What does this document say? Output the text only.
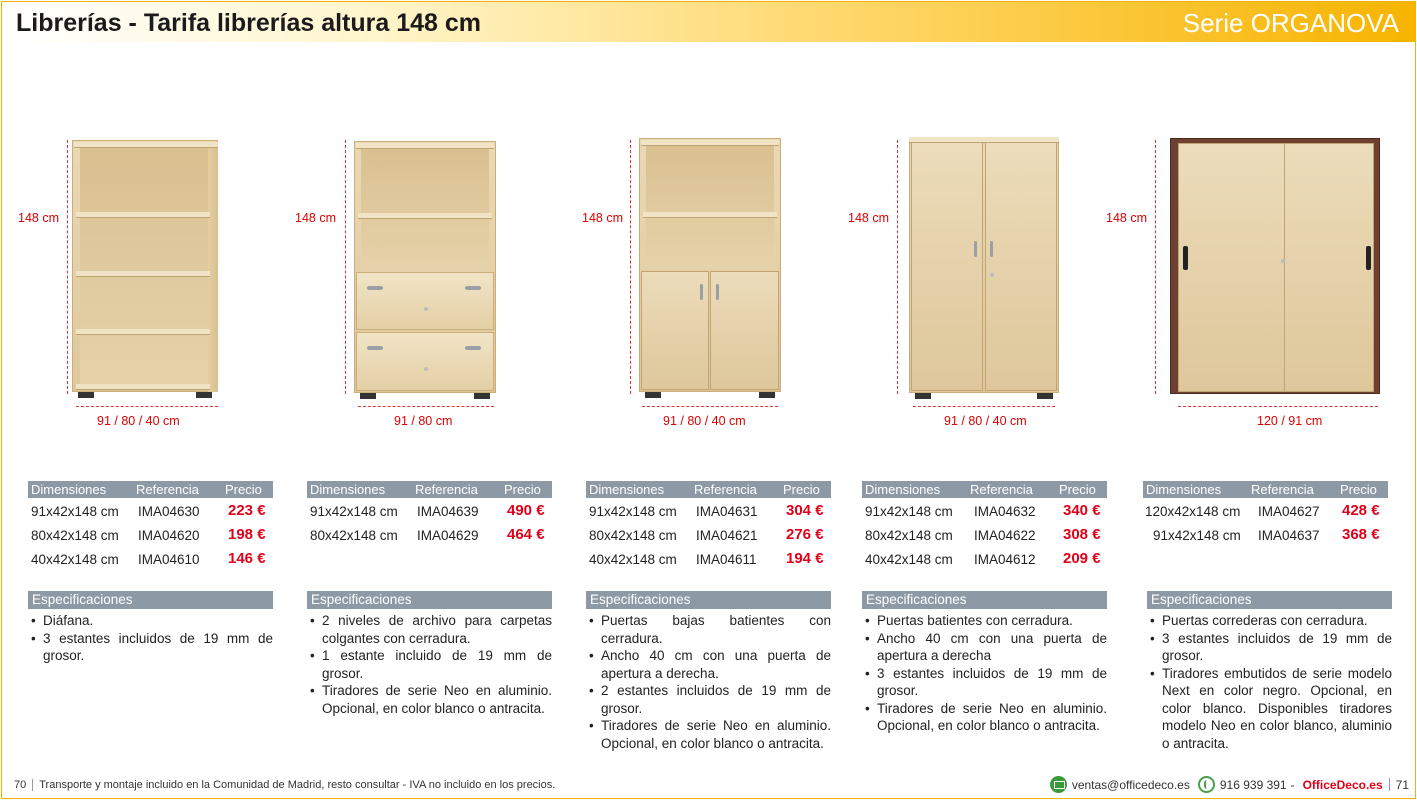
Librerías - Tarifa librerías altura 148 cm	Serie ORGANOVA
148 cm
91 / 80 / 40 cm
148 cm
91 / 80 cm
148 cm
91 / 80 / 40 cm
148 cm
91 / 80 / 40 cm
148 cm
120 / 91 cm
Dimensiones Referencia Precio
91x42x148 cm IMA04630 223 €
80x42x148 cm IMA04620 198 €
40x42x148 cm IMA04610 146 €
Dimensiones Referencia Precio
91x42x148 cm IMA04639 490 €
80x42x148 cm IMA04629 464 €
Dimensiones Referencia Precio
91x42x148 cm IMA04631 304 €
80x42x148 cm IMA04621 276 €
40x42x148 cm IMA04611 194 €
Dimensiones Referencia Precio
91x42x148 cm IMA04632 340 €
80x42x148 cm IMA04622 308 €
40x42x148 cm IMA04612 209 €
Dimensiones Referencia Precio
120x42x148 cm IMA04627 428 €
91x42x148 cm IMA04637 368 €
Especificaciones
• Diáfana.
• 3 estantes incluidos de 19 mm de grosor.
Especificaciones
• 2 niveles de archivo para carpetas colgantes con cerradura.
• 1 estante incluido de 19 mm de grosor.
• Tiradores de serie Neo en aluminio. Opcional, en color blanco o antracita.
Especificaciones
• Puertas bajas batientes con cerradura.
• Ancho 40 cm con una puerta de apertura a derecha.
• 2 estantes incluidos de 19 mm de grosor.
• Tiradores de serie Neo en aluminio. Opcional, en color blanco o antracita.
Especificaciones
• Puertas batientes con cerradura.
• Ancho 40 cm con una puerta de apertura a derecha
• 3 estantes incluidos de 19 mm de grosor.
• Tiradores de serie Neo en aluminio. Opcional, en color blanco o antracita.
Especificaciones
• Puertas correderas con cerradura.
• 3 estantes incluidos de 19 mm de grosor.
• Tiradores embutidos de serie modelo Next en color negro. Opcional, en color blanco. Disponibles tiradores modelo Neo en color blanco, aluminio o antracita.
70 Transporte y montaje incluido en la Comunidad de Madrid, resto consultar - IVA no incluido en los precios.	ventas@officedeco.es	916 939 391 - OfficeDeco.es 71
